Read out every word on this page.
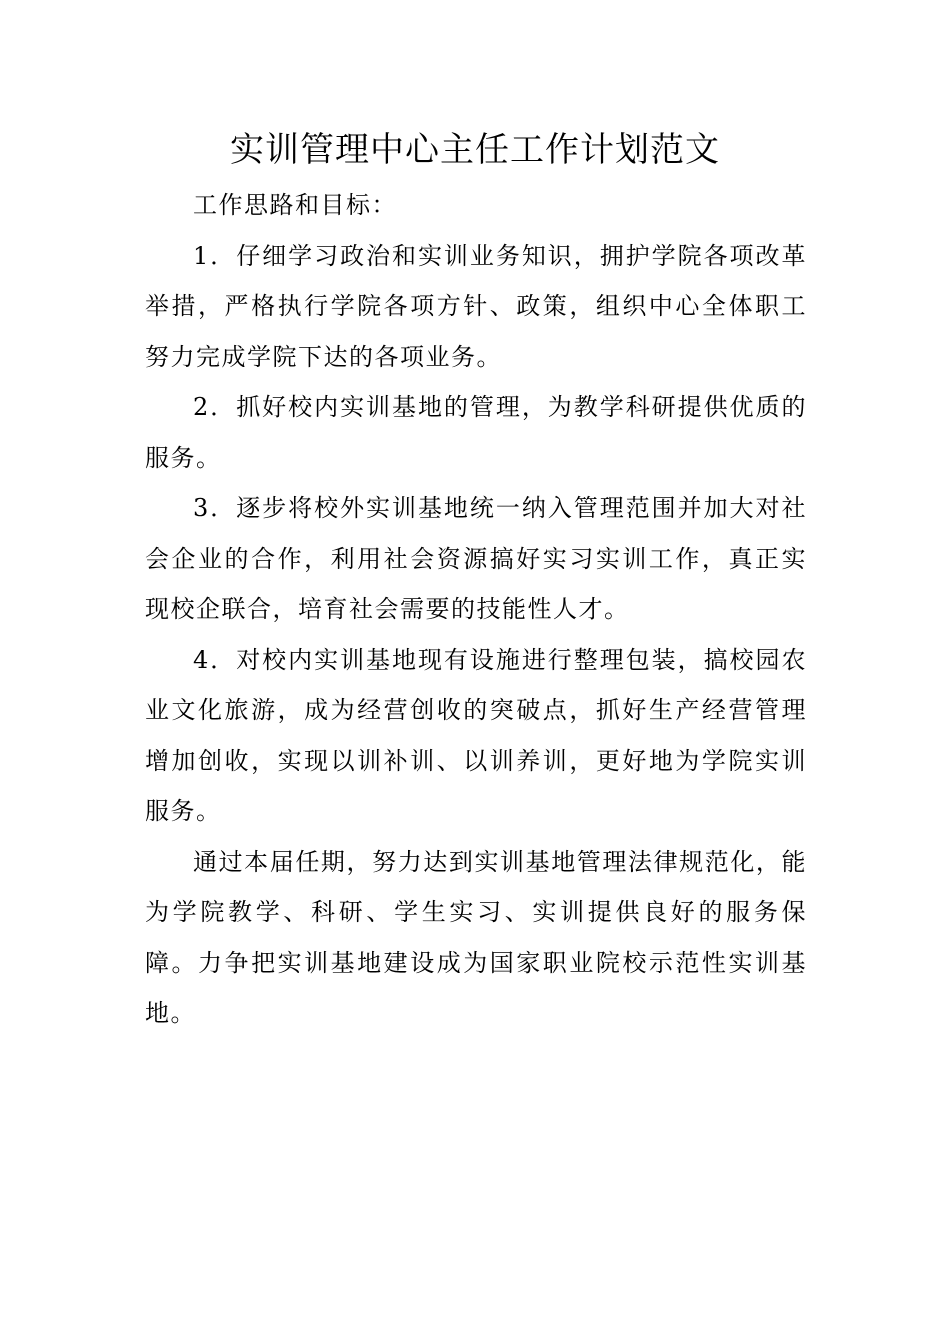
实训管理中心主任工作计划范文

工作思路和目标：

1．仔细学习政治和实训业务知识，拥护学院各项改革举措，严格执行学院各项方针、政策，组织中心全体职工努力完成学院下达的各项业务。

2．抓好校内实训基地的管理，为教学科研提供优质的服务。

3．逐步将校外实训基地统一纳入管理范围并加大对社会企业的合作，利用社会资源搞好实习实训工作，真正实现校企联合，培育社会需要的技能性人才。

4．对校内实训基地现有设施进行整理包装，搞校园农业文化旅游，成为经营创收的突破点，抓好生产经营管理增加创收，实现以训补训、以训养训，更好地为学院实训服务。

通过本届任期，努力达到实训基地管理法律规范化，能为学院教学、科研、学生实习、实训提供良好的服务保障。力争把实训基地建设成为国家职业院校示范性实训基地。
